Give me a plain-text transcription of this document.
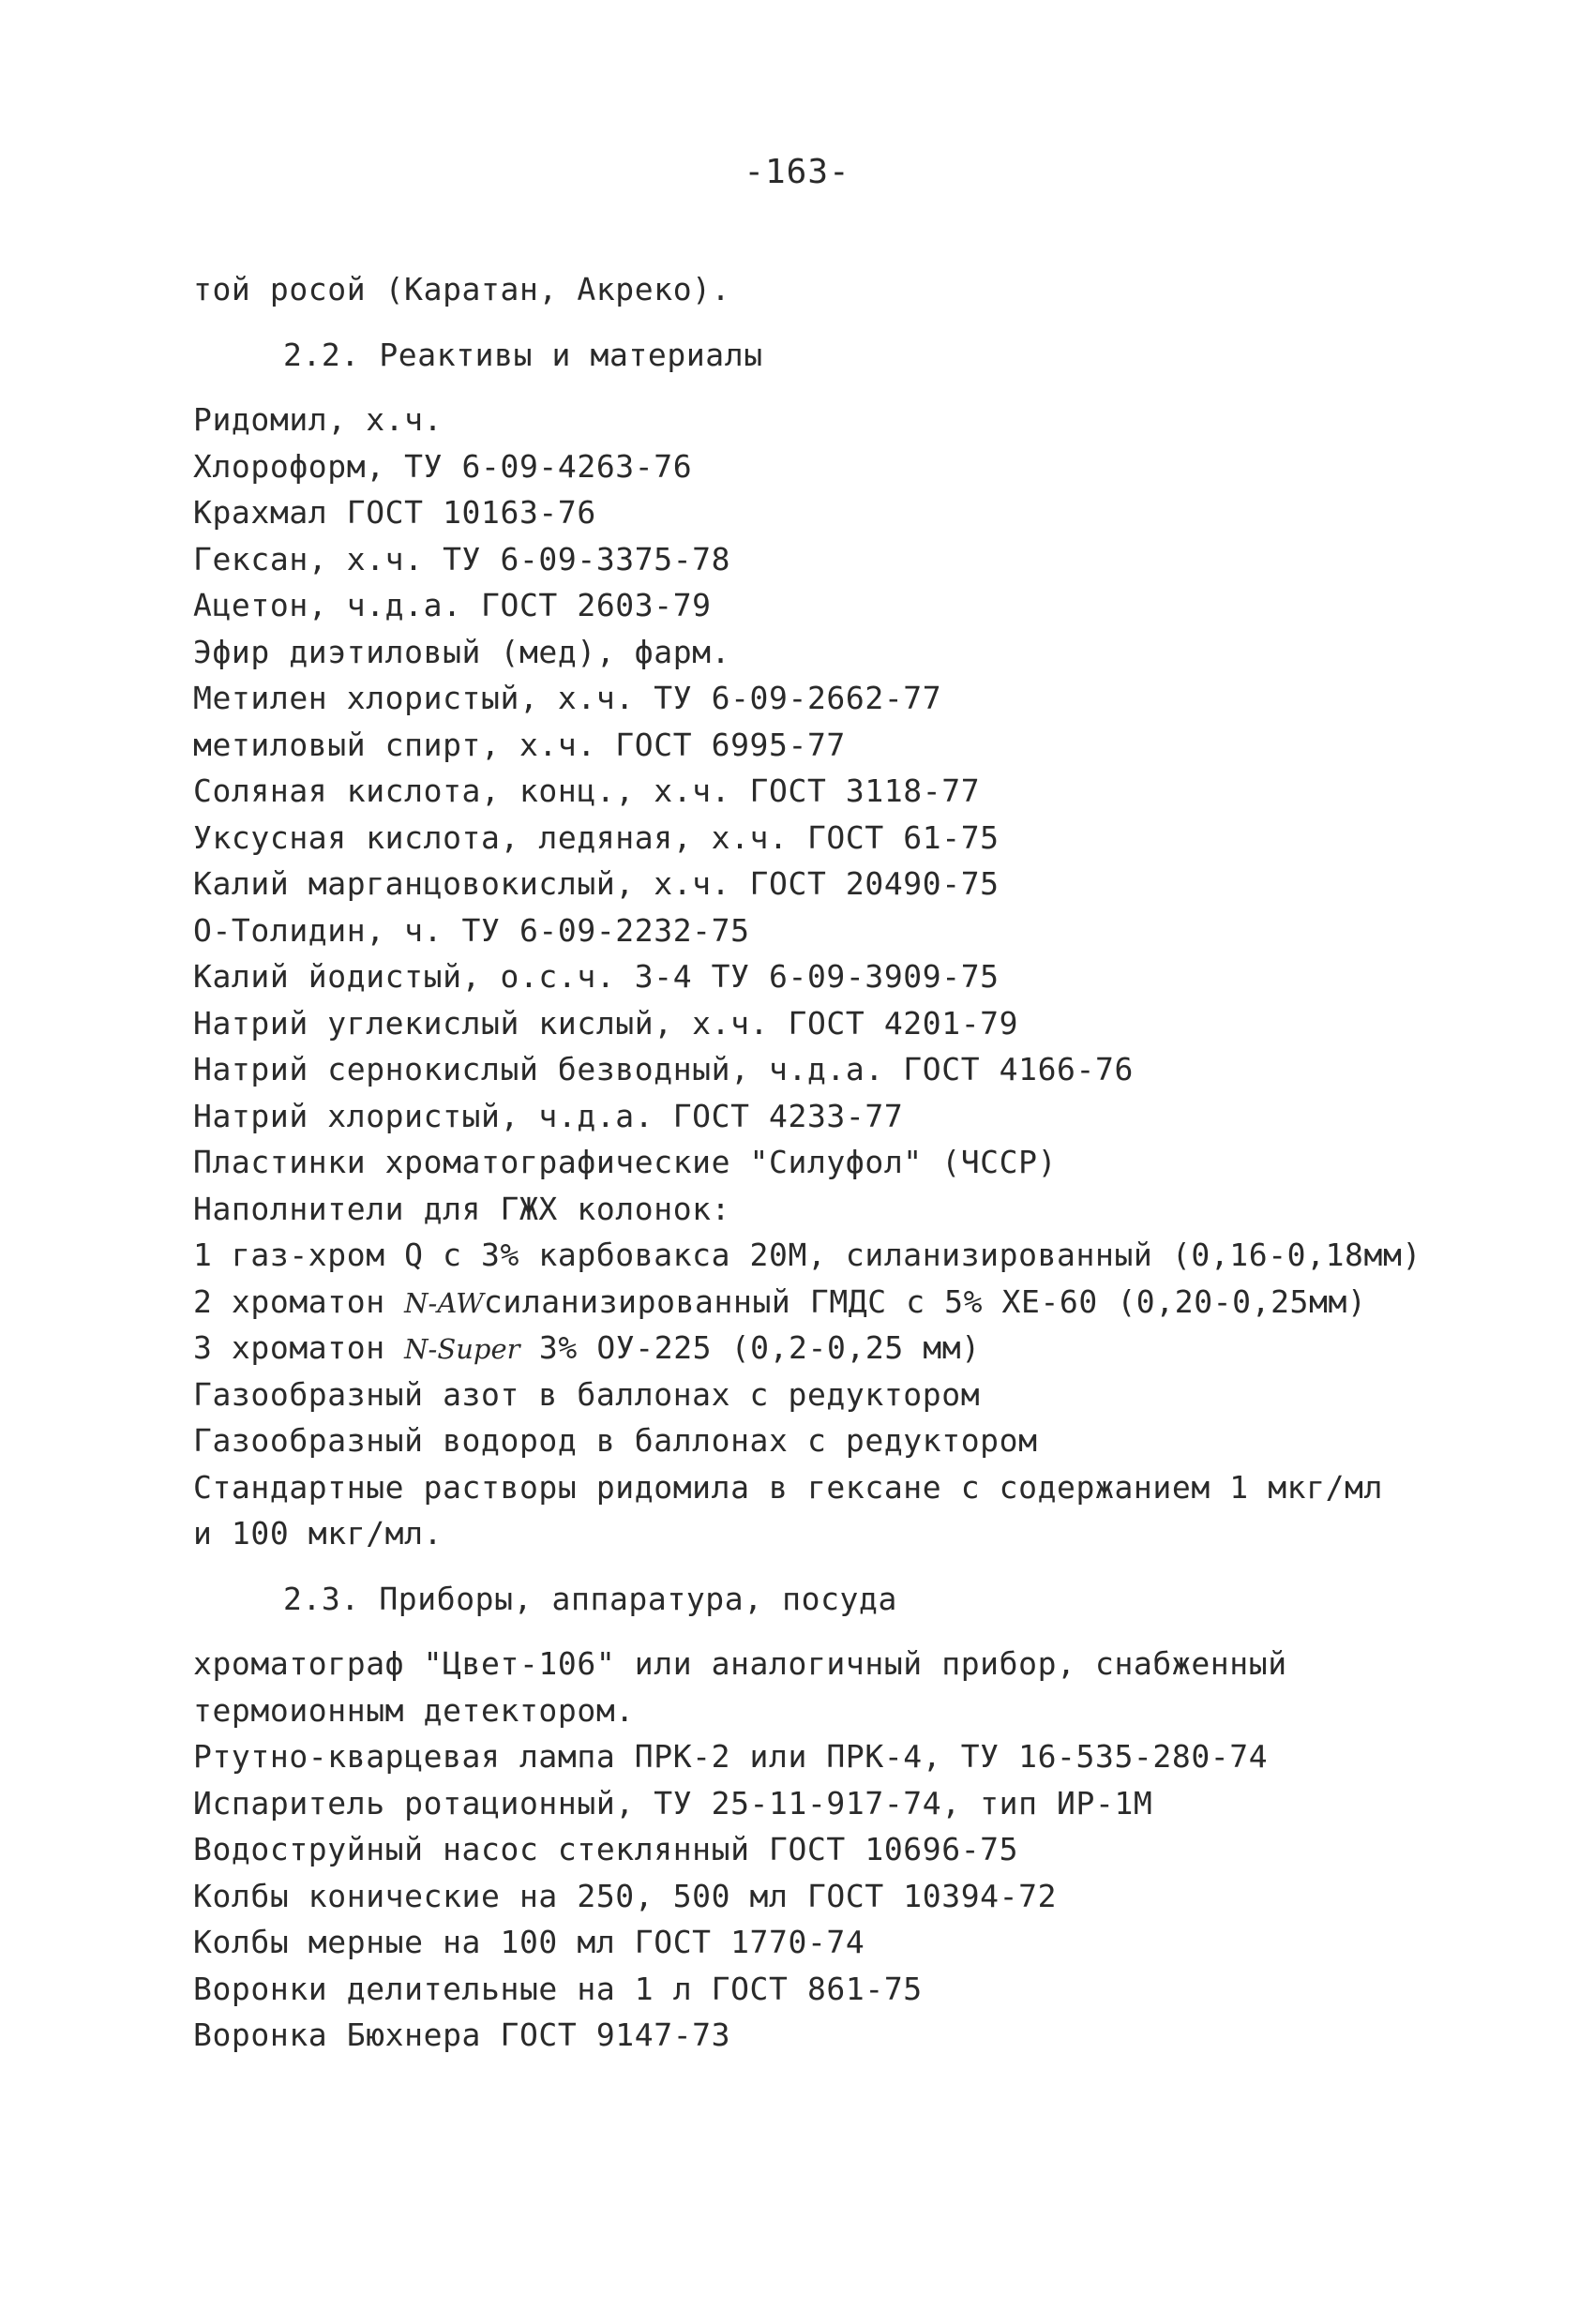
-163-
той росой (Каратан, Акреко).
2.2. Реактивы и материалы
Ридомил, х.ч.
Хлороформ, ТУ 6-09-4263-76
Крахмал ГОСТ 10163-76
Гексан, х.ч. ТУ 6-09-3375-78
Ацетон, ч.д.а. ГОСТ 2603-79
Эфир диэтиловый (мед), фарм.
Метилен хлористый, х.ч. ТУ 6-09-2662-77
метиловый спирт, х.ч. ГОСТ 6995-77
Соляная кислота, конц., х.ч. ГОСТ 3118-77
Уксусная кислота, ледяная, х.ч. ГОСТ 61-75
Калий марганцовокислый, х.ч. ГОСТ 20490-75
О-Толидин, ч. ТУ 6-09-2232-75
Калий йодистый, о.с.ч. 3-4 ТУ 6-09-3909-75
Натрий углекислый кислый, х.ч. ГОСТ 4201-79
Натрий сернокислый безводный, ч.д.а. ГОСТ 4166-76
Натрий хлористый, ч.д.а. ГОСТ 4233-77
Пластинки хроматографические "Силуфол" (ЧССР)
Наполнители для ГЖХ колонок:
1 газ-хром Q с 3% карбовакса 20М, силанизированный (0,16-0,18мм)
2 хроматон N-AWсиланизированный ГМДС с 5% ХЕ-60 (0,20-0,25мм)
3 хроматон N-Super 3% ОУ-225 (0,2-0,25 мм)
Газообразный азот в баллонах с редуктором
Газообразный водород в баллонах с редуктором
Стандартные растворы ридомила в гексане с содержанием 1 мкг/мл
и 100 мкг/мл.
2.3. Приборы, аппаратура, посуда
хроматограф "Цвет-106" или аналогичный прибор, снабженный
термоионным детектором.
Ртутно-кварцевая лампа ПРК-2 или ПРК-4, ТУ 16-535-280-74
Испаритель ротационный, ТУ 25-11-917-74, тип ИР-1М
Водоструйный насос стеклянный ГОСТ 10696-75
Колбы конические на 250, 500 мл ГОСТ 10394-72
Колбы мерные на 100 мл ГОСТ 1770-74
Воронки делительные на 1 л ГОСТ 861-75
Воронка Бюхнера ГОСТ 9147-73
